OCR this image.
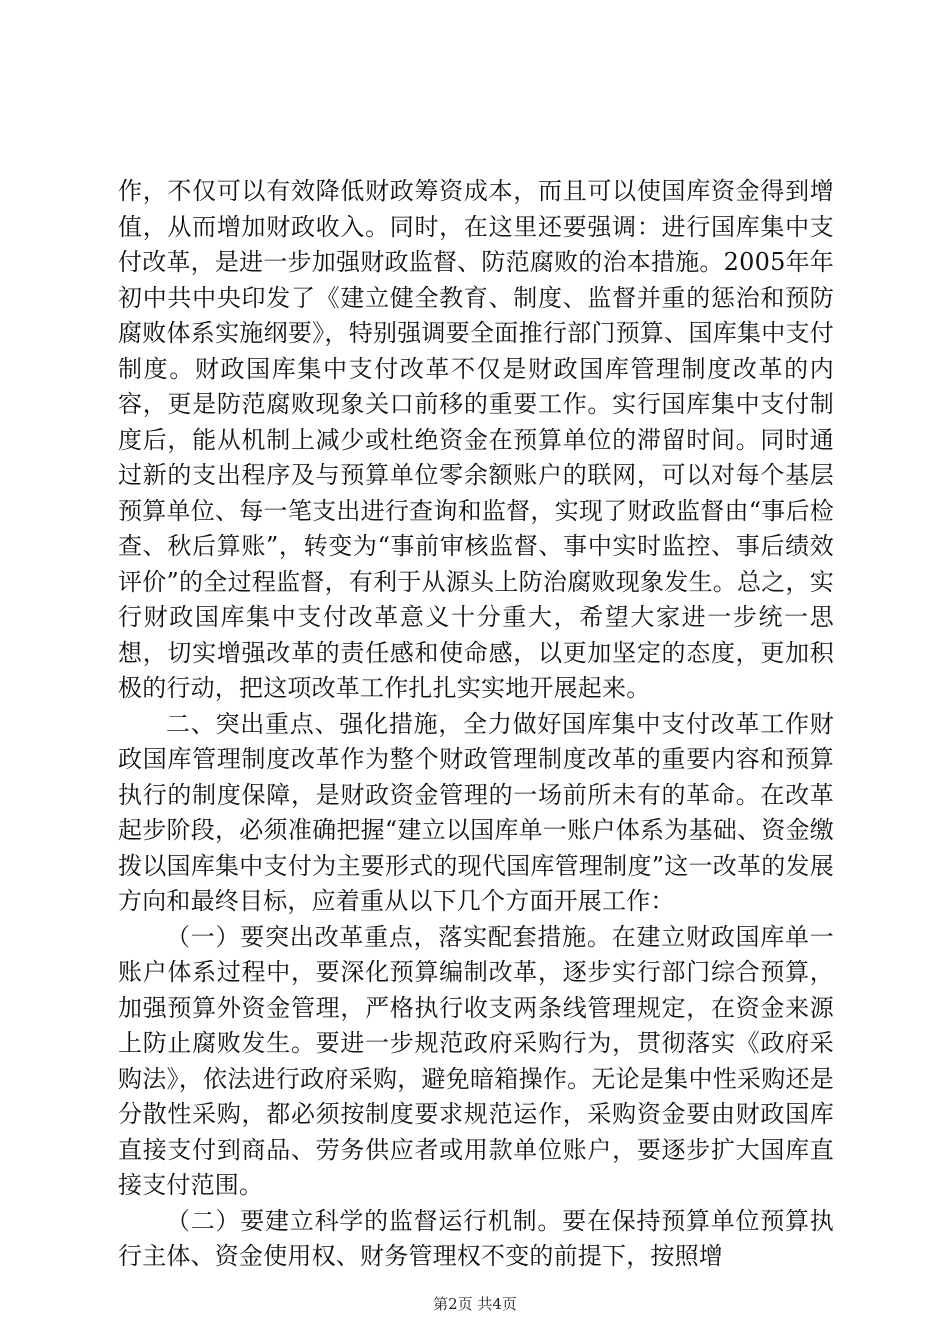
作，不仅可以有效降低财政筹资成本，而且可以使国库资金得到增值，从而增加财政收入。同时，在这里还要强调：进行国库集中支付改革，是进一步加强财政监督、防范腐败的治本措施。2005年年初中共中央印发了《建立健全教育、制度、监督并重的惩治和预防腐败体系实施纲要》，特别强调要全面推行部门预算、国库集中支付制度。财政国库集中支付改革不仅是财政国库管理制度改革的内容，更是防范腐败现象关口前移的重要工作。实行国库集中支付制度后，能从机制上减少或杜绝资金在预算单位的滞留时间。同时通过新的支出程序及与预算单位零余额账户的联网，可以对每个基层预算单位、每一笔支出进行查询和监督，实现了财政监督由“事后检查、秋后算账”，转变为“事前审核监督、事中实时监控、事后绩效评价”的全过程监督，有利于从源头上防治腐败现象发生。总之，实行财政国库集中支付改革意义十分重大，希望大家进一步统一思想，切实增强改革的责任感和使命感，以更加坚定的态度，更加积极的行动，把这项改革工作扎扎实实地开展起来。

二、突出重点、强化措施，全力做好国库集中支付改革工作财政国库管理制度改革作为整个财政管理制度改革的重要内容和预算执行的制度保障，是财政资金管理的一场前所未有的革命。在改革起步阶段，必须准确把握“建立以国库单一账户体系为基础、资金缴拨以国库集中支付为主要形式的现代国库管理制度”这一改革的发展方向和最终目标，应着重从以下几个方面开展工作：

（一）要突出改革重点，落实配套措施。在建立财政国库单一账户体系过程中，要深化预算编制改革，逐步实行部门综合预算，加强预算外资金管理，严格执行收支两条线管理规定，在资金来源上防止腐败发生。要进一步规范政府采购行为，贯彻落实《政府采购法》，依法进行政府采购，避免暗箱操作。无论是集中性采购还是分散性采购，都必须按制度要求规范运作，采购资金要由财政国库直接支付到商品、劳务供应者或用款单位账户，要逐步扩大国库直接支付范围。

（二）要建立科学的监督运行机制。要在保持预算单位预算执行主体、资金使用权、财务管理权不变的前提下，按照增

第2页 共4页
